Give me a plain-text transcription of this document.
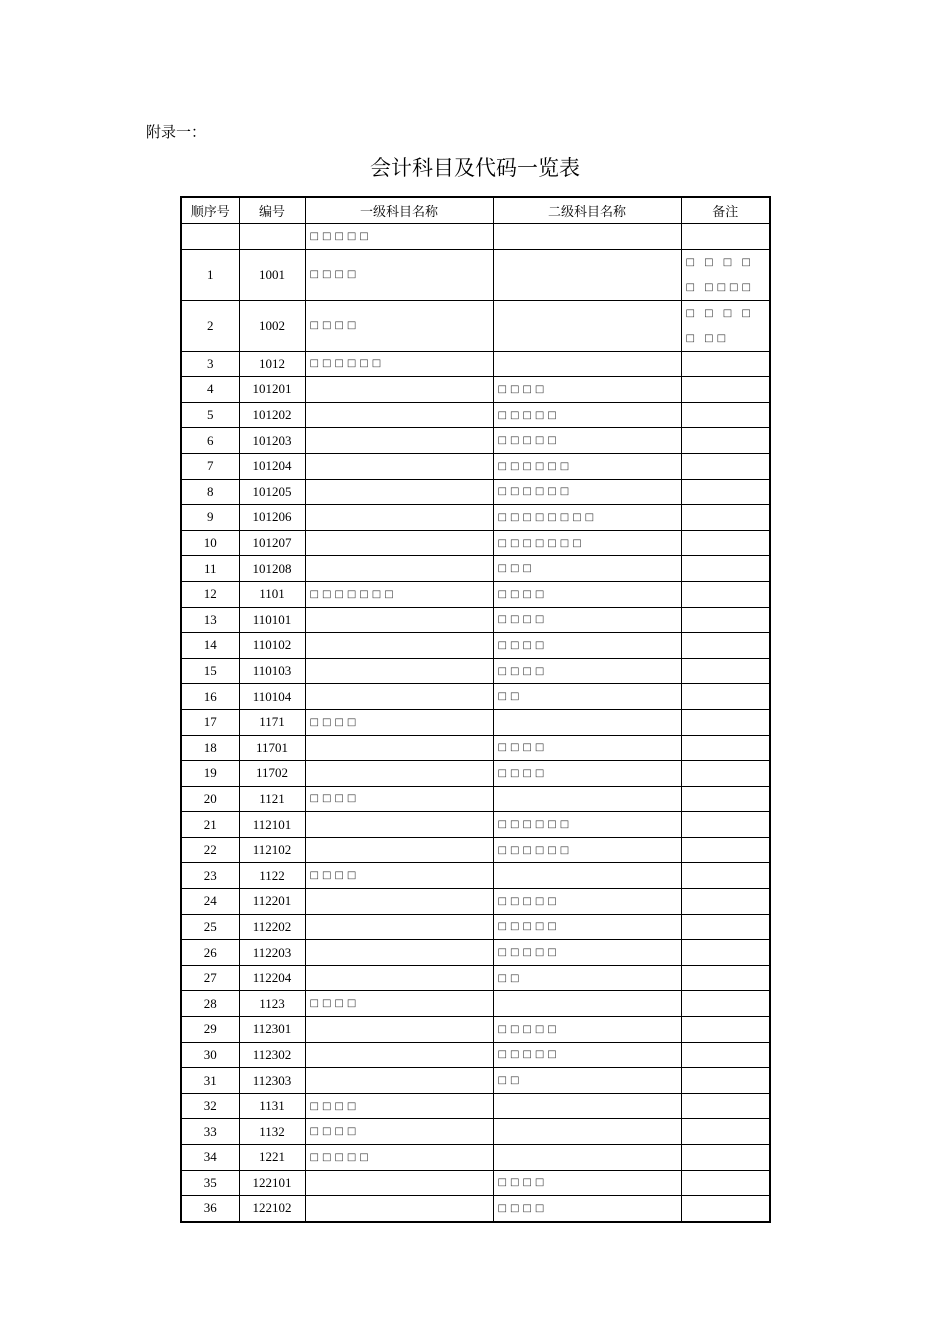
附录一：
会计科目及代码一览表
顺序号	编号	一级科目名称	二级科目名称	备注
		□□□□□		
1	1001	□□□□		□ □ □ □ □ □□□□
2	1002	□□□□		□ □ □ □ □ □□
3	1012	□□□□□□		
4	101201		□□□□	
5	101202		□□□□□	
6	101203		□□□□□	
7	101204		□□□□□□	
8	101205		□□□□□□	
9	101206		□□□□□□□□	
10	101207		□□□□□□□	
11	101208		□□□	
12	1101	□□□□□□□	□□□□	
13	110101		□□□□	
14	110102		□□□□	
15	110103		□□□□	
16	110104		□□	
17	1171	□□□□		
18	11701		□□□□	
19	11702		□□□□	
20	1121	□□□□		
21	112101		□□□□□□	
22	112102		□□□□□□	
23	1122	□□□□		
24	112201		□□□□□	
25	112202		□□□□□	
26	112203		□□□□□	
27	112204		□□	
28	1123	□□□□		
29	112301		□□□□□	
30	112302		□□□□□	
31	112303		□□	
32	1131	□□□□		
33	1132	□□□□		
34	1221	□□□□□		
35	122101		□□□□	
36	122102		□□□□	
